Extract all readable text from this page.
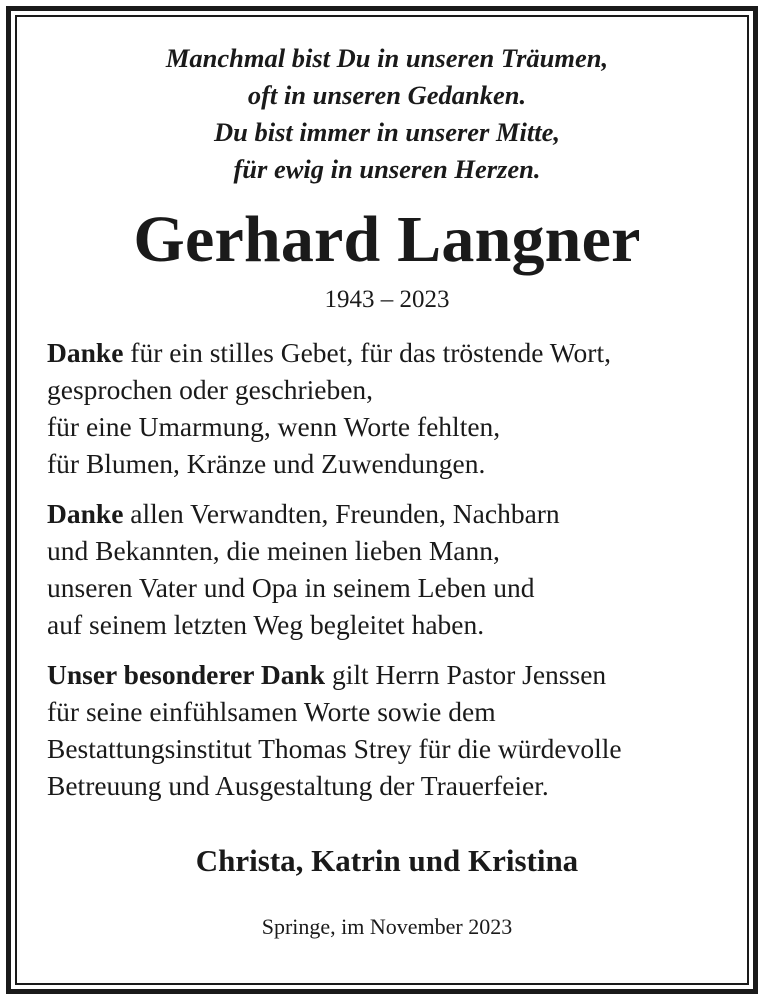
Manchmal bist Du in unseren Träumen,
oft in unseren Gedanken.
Du bist immer in unserer Mitte,
für ewig in unseren Herzen.

Gerhard Langner

1943 – 2023

Danke für ein stilles Gebet, für das tröstende Wort,
gesprochen oder geschrieben,
für eine Umarmung, wenn Worte fehlten,
für Blumen, Kränze und Zuwendungen.

Danke allen Verwandten, Freunden, Nachbarn
und Bekannten, die meinen lieben Mann,
unseren Vater und Opa in seinem Leben und
auf seinem letzten Weg begleitet haben.

Unser besonderer Dank gilt Herrn Pastor Jenssen
für seine einfühlsamen Worte sowie dem
Bestattungsinstitut Thomas Strey für die würdevolle
Betreuung und Ausgestaltung der Trauerfeier.

Christa, Katrin und Kristina

Springe, im November 2023
